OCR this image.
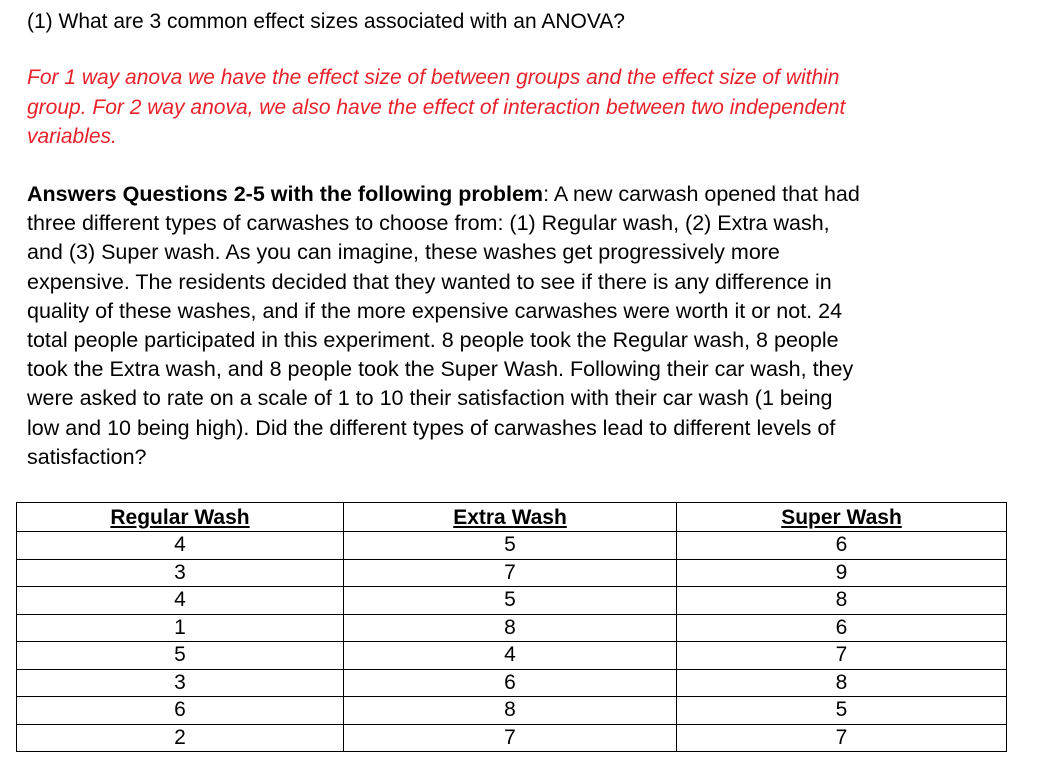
(1) What are 3 common effect sizes associated with an ANOVA?
For 1 way anova we have the effect size of between groups and the effect size of within
group. For 2 way anova, we also have the effect of interaction between two independent
variables.
Answers Questions 2-5 with the following problem: A new carwash opened that had
three different types of carwashes to choose from: (1) Regular wash, (2) Extra wash,
and (3) Super wash. As you can imagine, these washes get progressively more
expensive. The residents decided that they wanted to see if there is any difference in
quality of these washes, and if the more expensive carwashes were worth it or not. 24
total people participated in this experiment. 8 people took the Regular wash, 8 people
took the Extra wash, and 8 people took the Super Wash. Following their car wash, they
were asked to rate on a scale of 1 to 10 their satisfaction with their car wash (1 being
low and 10 being high). Did the different types of carwashes lead to different levels of
satisfaction?
Regular Wash	Extra Wash	Super Wash
4	5	6
3	7	9
4	5	8
1	8	6
5	4	7
3	6	8
6	8	5
2	7	7
